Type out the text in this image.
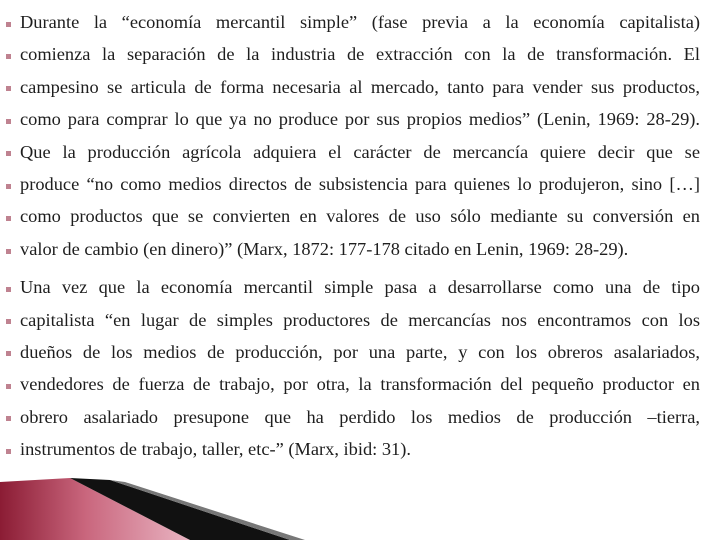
Durante la “economía mercantil simple” (fase previa a la economía capitalista)
comienza la separación de la industria de extracción con la de transformación. El
campesino se articula de forma necesaria al mercado, tanto para vender sus productos,
como para comprar lo que ya no produce por sus propios medios” (Lenin, 1969: 28-29).
Que la producción agrícola adquiera el carácter de mercancía quiere decir que se
produce “no como medios directos de subsistencia para quienes lo produjeron, sino […]
como productos que se convierten en valores de uso sólo mediante su conversión en
valor de cambio (en dinero)” (Marx, 1872: 177-178 citado en Lenin, 1969: 28-29).

Una vez que la economía mercantil simple pasa a desarrollarse como una de tipo
capitalista “en lugar de simples productores de mercancías nos encontramos con los
dueños de los medios de producción, por una parte, y con los obreros asalariados,
vendedores de fuerza de trabajo, por otra, la transformación del pequeño productor en
obrero asalariado presupone que ha perdido los medios de producción –tierra,
instrumentos de trabajo, taller, etc-” (Marx, ibid: 31).
